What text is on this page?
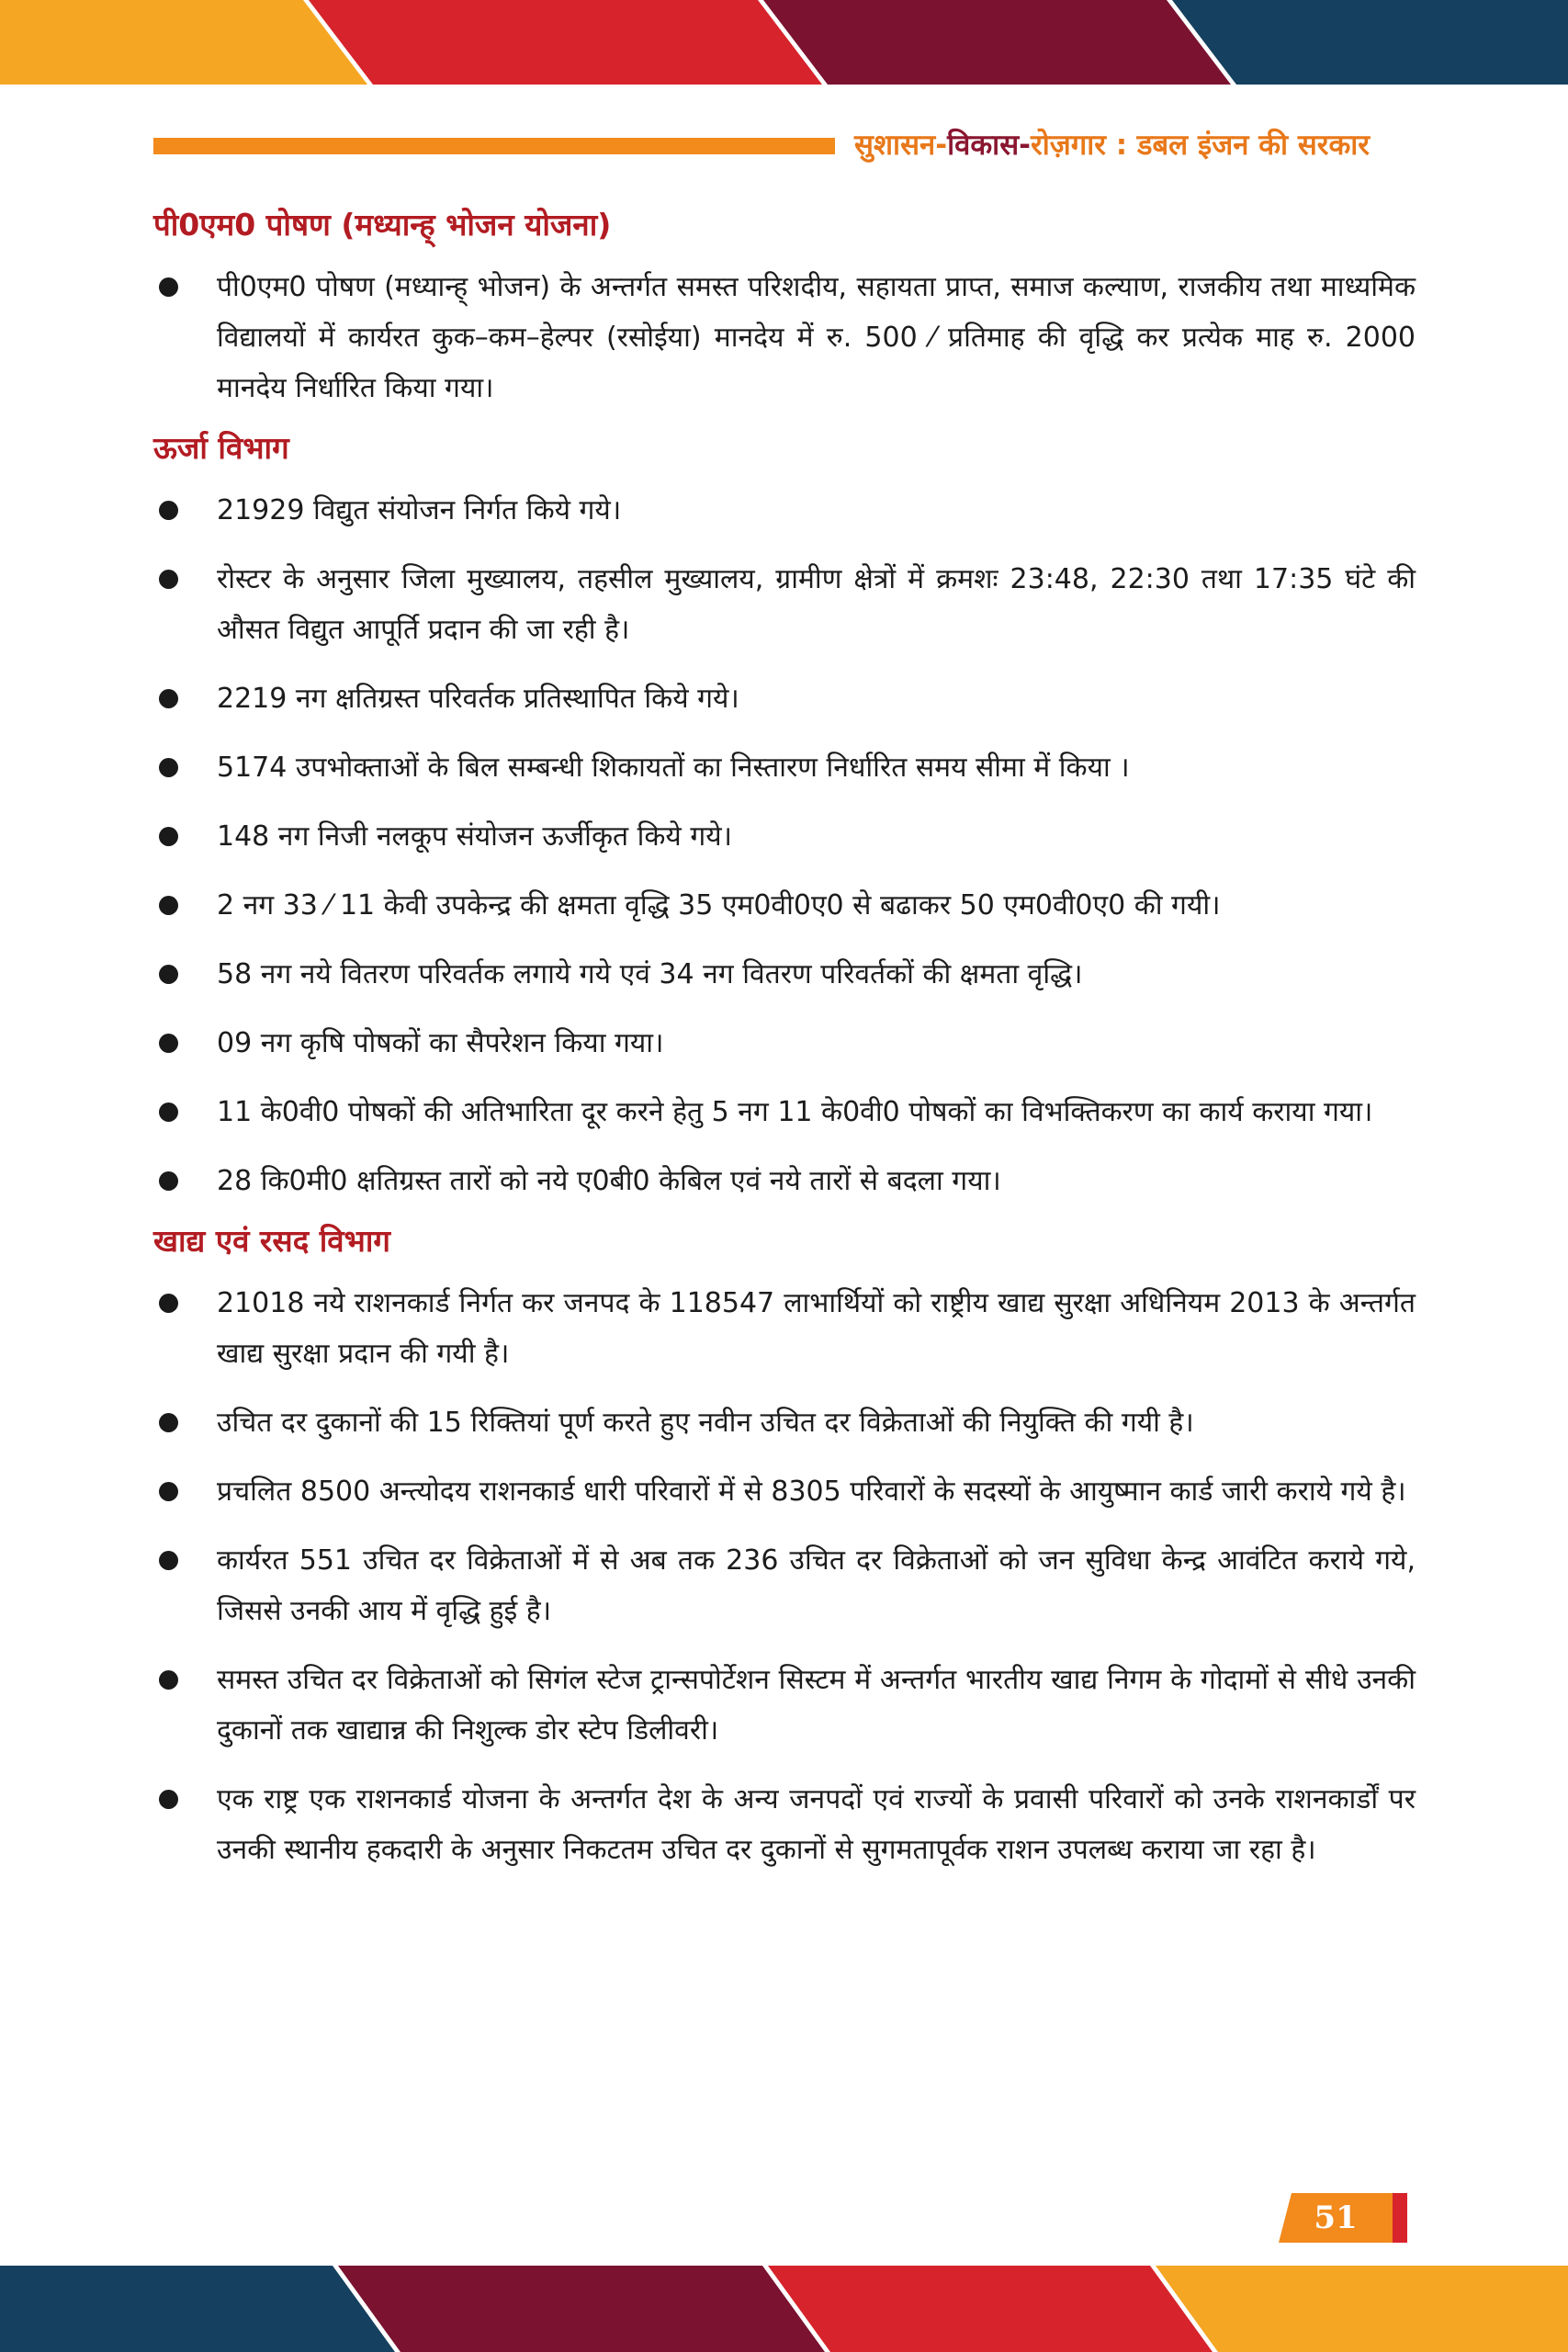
सुशासन-विकास-रोज़गार : डबल इंजन की सरकार
पी0एम0 पोषण (मध्यान्ह् भोजन योजना)
पी0एम0 पोषण (मध्यान्ह् भोजन) के अन्तर्गत समस्त परिशदीय, सहायता प्राप्त, समाज कल्याण, राजकीय तथा माध्यमिक विद्यालयों में कार्यरत कुक–कम–हेल्पर (रसोईया) मानदेय में रु. 500 ⁄ प्रतिमाह की वृद्धि कर प्रत्येक माह रु. 2000 मानदेय निर्धारित किया गया।
ऊर्जा विभाग
21929 विद्युत संयोजन निर्गत किये गये।
रोस्टर के अनुसार जिला मुख्यालय, तहसील मुख्यालय, ग्रामीण क्षेत्रों में क्रमशः 23:48, 22:30 तथा 17:35 घंटे की औसत विद्युत आपूर्ति प्रदान की जा रही है।
2219 नग क्षतिग्रस्त परिवर्तक प्रतिस्थापित किये गये।
5174 उपभोक्ताओं के बिल सम्बन्धी शिकायतों का निस्तारण निर्धारित समय सीमा में किया ।
148 नग निजी नलकूप संयोजन ऊर्जीकृत किये गये।
2 नग 33 ⁄ 11 केवी उपकेन्द्र की क्षमता वृद्धि 35 एम0वी0ए0 से बढाकर 50 एम0वी0ए0 की गयी।
58 नग नये वितरण परिवर्तक लगाये गये एवं 34 नग वितरण परिवर्तकों की क्षमता वृद्धि।
09 नग कृषि पोषकों का सैपरेशन किया गया।
11 के0वी0 पोषकों की अतिभारिता दूर करने हेतु 5 नग 11 के0वी0 पोषकों का विभक्तिकरण का कार्य कराया गया।
28 कि0मी0 क्षतिग्रस्त तारों को नये ए0बी0 केबिल एवं नये तारों से बदला गया।
खाद्य एवं रसद विभाग
21018 नये राशनकार्ड निर्गत कर जनपद के 118547 लाभार्थियों को राष्ट्रीय खाद्य सुरक्षा अधिनियम 2013 के अन्तर्गत खाद्य सुरक्षा प्रदान की गयी है।
उचित दर दुकानों की 15 रिक्तियां पूर्ण करते हुए नवीन उचित दर विक्रेताओं की नियुक्ति की गयी है।
प्रचलित 8500 अन्त्योदय राशनकार्ड धारी परिवारों में से 8305 परिवारों के सदस्यों के आयुष्मान कार्ड जारी कराये गये है।
कार्यरत 551 उचित दर विक्रेताओं में से अब तक 236 उचित दर विक्रेताओं को जन सुविधा केन्द्र आवंटित कराये गये, जिससे उनकी आय में वृद्धि हुई है।
समस्त उचित दर विक्रेताओं को सिगंल स्टेज ट्रान्सपोर्टेशन सिस्टम में अन्तर्गत भारतीय खाद्य निगम के गोदामों से सीधे उनकी दुकानों तक खाद्यान्न की निशुल्क डोर स्टेप डिलीवरी।
एक राष्ट्र एक राशनकार्ड योजना के अन्तर्गत देश के अन्य जनपदों एवं राज्यों के प्रवासी परिवारों को उनके राशनकार्डों पर उनकी स्थानीय हकदारी के अनुसार निकटतम उचित दर दुकानों से सुगमतापूर्वक राशन उपलब्ध कराया जा रहा है।
51
